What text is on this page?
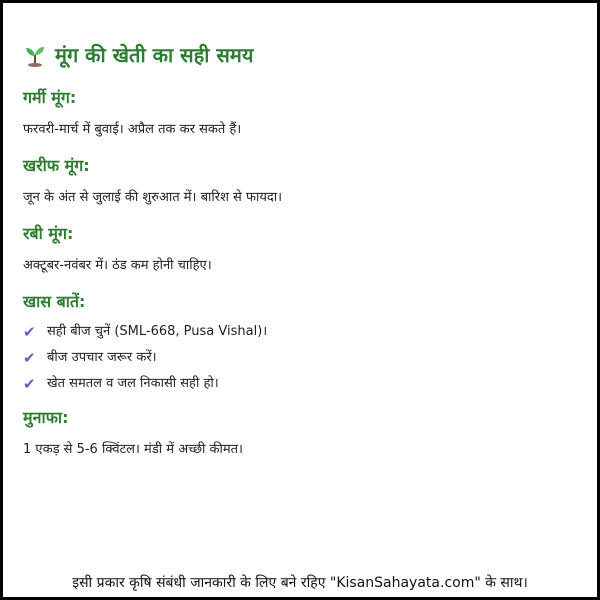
मूंग की खेती का सही समय
गर्मी मूंग:

फरवरी-मार्च में बुवाई। अप्रैल तक कर सकते हैं।

खरीफ मूंग:

जून के अंत से जुलाई की शुरुआत में। बारिश से फायदा।

रबी मूंग:

अक्टूबर-नवंबर में। ठंड कम होनी चाहिए।

खास बातें:
✔ सही बीज चुनें (SML-668, Pusa Vishal)।
✔ बीज उपचार जरूर करें।
✔ खेत समतल व जल निकासी सही हो।
मुनाफा:

1 एकड़ से 5-6 क्विंटल। मंडी में अच्छी कीमत।

इसी प्रकार कृषि संबंधी जानकारी के लिए बने रहिए "KisanSahayata.com" के साथ।
